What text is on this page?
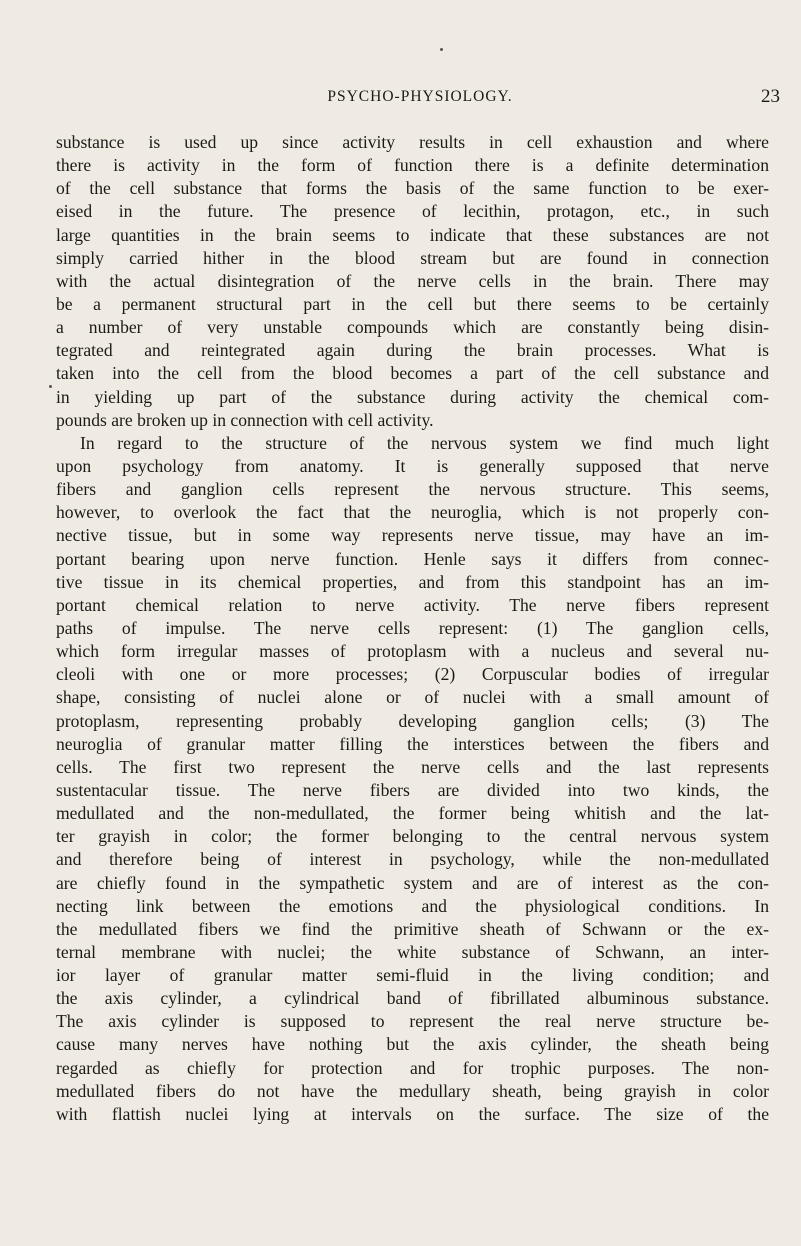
PSYCHO-PHYSIOLOGY.	23
substance is used up since activity results in cell exhaustion and where
there is activity in the form of function there is a definite determination
of the cell substance that forms the basis of the same function to be exer-
eised in the future. The presence of lecithin, protagon, etc., in such
large quantities in the brain seems to indicate that these substances are not
simply carried hither in the blood stream but are found in connection
with the actual disintegration of the nerve cells in the brain. There may
be a permanent structural part in the cell but there seems to be certainly
a number of very unstable compounds which are constantly being disin-
tegrated and reintegrated again during the brain processes. What is
taken into the cell from the blood becomes a part of the cell substance and
in yielding up part of the substance during activity the chemical com-
pounds are broken up in connection with cell activity.
In regard to the structure of the nervous system we find much light
upon psychology from anatomy. It is generally supposed that nerve
fibers and ganglion cells represent the nervous structure. This seems,
however, to overlook the fact that the neuroglia, which is not properly con-
nective tissue, but in some way represents nerve tissue, may have an im-
portant bearing upon nerve function. Henle says it differs from connec-
tive tissue in its chemical properties, and from this standpoint has an im-
portant chemical relation to nerve activity. The nerve fibers represent
paths of impulse. The nerve cells represent: (1) The ganglion cells,
which form irregular masses of protoplasm with a nucleus and several nu-
cleoli with one or more processes; (2) Corpuscular bodies of irregular
shape, consisting of nuclei alone or of nuclei with a small amount of
protoplasm, representing probably developing ganglion cells; (3) The
neuroglia of granular matter filling the interstices between the fibers and
cells. The first two represent the nerve cells and the last represents
sustentacular tissue. The nerve fibers are divided into two kinds, the
medullated and the non-medullated, the former being whitish and the lat-
ter grayish in color; the former belonging to the central nervous system
and therefore being of interest in psychology, while the non-medullated
are chiefly found in the sympathetic system and are of interest as the con-
necting link between the emotions and the physiological conditions. In
the medullated fibers we find the primitive sheath of Schwann or the ex-
ternal membrane with nuclei; the white substance of Schwann, an inter-
ior layer of granular matter semi-fluid in the living condition; and
the axis cylinder, a cylindrical band of fibrillated albuminous substance.
The axis cylinder is supposed to represent the real nerve structure be-
cause many nerves have nothing but the axis cylinder, the sheath being
regarded as chiefly for protection and for trophic purposes. The non-
medullated fibers do not have the medullary sheath, being grayish in color
with flattish nuclei lying at intervals on the surface. The size of the
